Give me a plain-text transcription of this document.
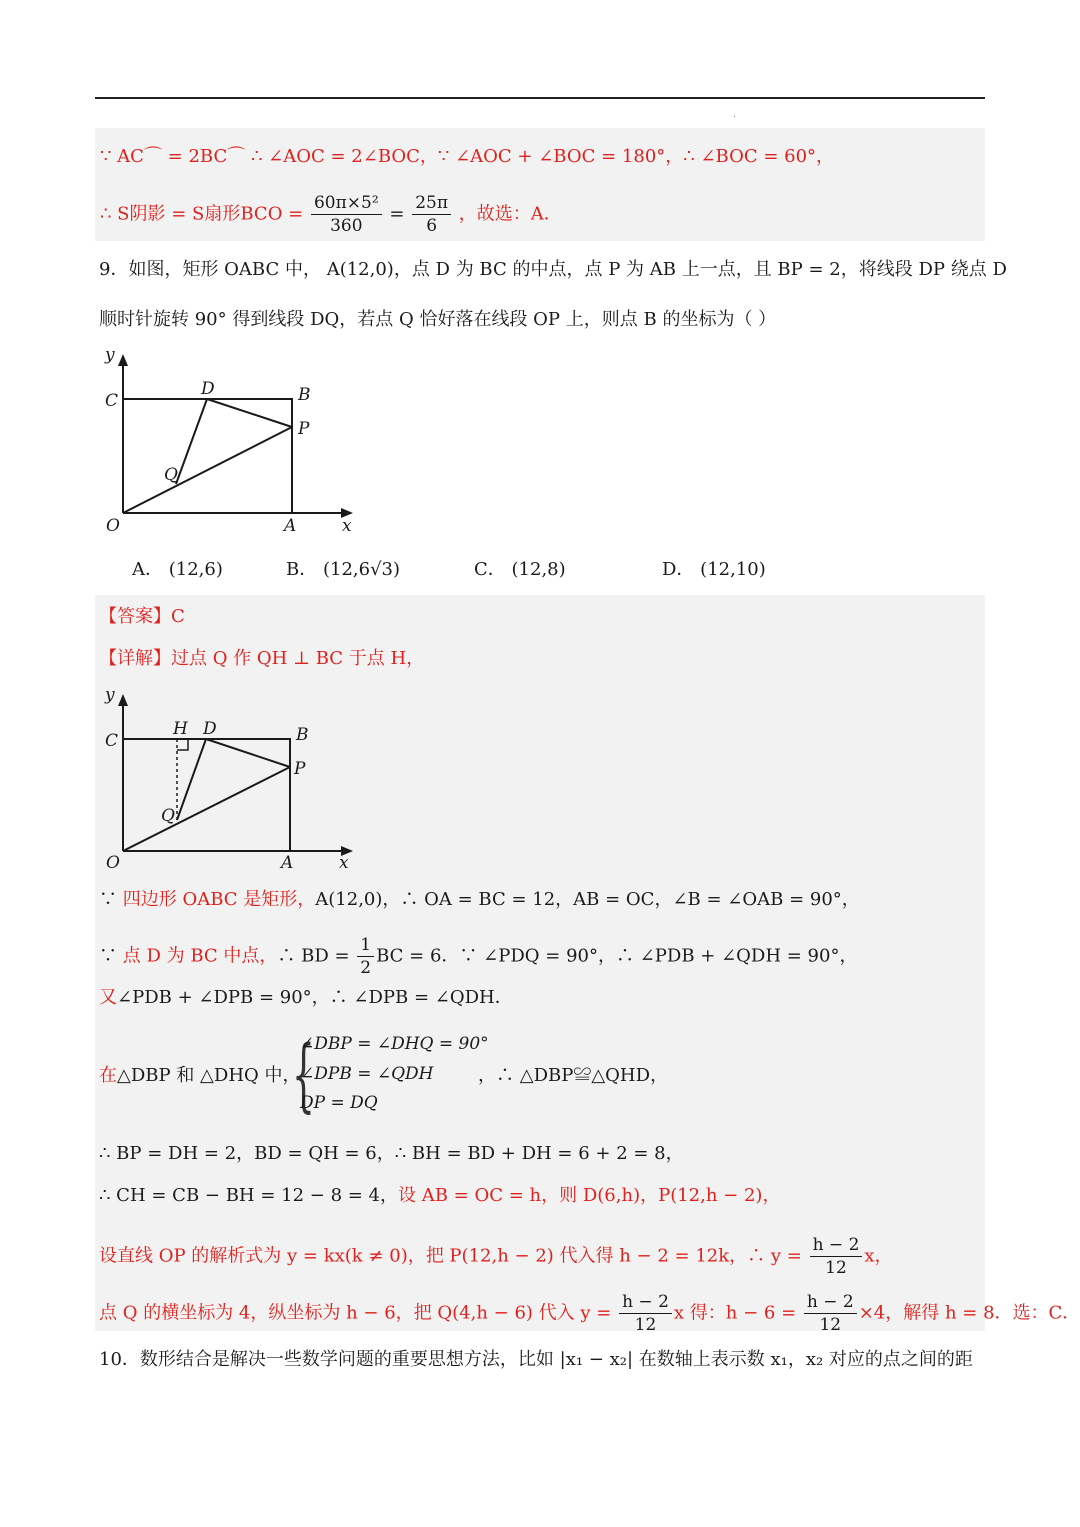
·
∵ AC⌒ = 2BC⌒ ∴ ∠AOC = 2∠BOC，∵ ∠AOC + ∠BOC = 180°，∴ ∠BOC = 60°，
∴ S阴影 = S扇形BCO = $\frac{\text{60π×5²}}{360} = \frac{25\pi}{6}$ ，故选：A．
9．如图，矩形 OABC 中， A(12,0)，点 D 为 BC 的中点，点 P 为 AB 上一点，且 BP = 2，将线段 DP 绕点 D
顺时针旋转 90° 得到线段 DQ，若点 Q 恰好落在线段 OP 上，则点 B 的坐标为（ ）
y
C
D	B
P
Q
O	A	x
A． (12,6)	B． (12,6√3)	C． (12,8)	D． (12,10)
【答案】C
【详解】过点 Q 作 QH ⊥ BC 于点 H，
y
C
H D	B
P
Q
O	A	x
∵ 四边形 OABC 是矩形，A(12,0)，∴ OA = BC = 12，AB = OC，∠B = ∠OAB = 90°，
∵ 点 D 为 BC 中点，∴ BD = $\frac{1}{2}$ BC = 6．∵ ∠PDQ = 90°，∴ ∠PDB + ∠QDH = 90°，
又∠PDB + ∠DPB = 90°，∴ ∠DPB = ∠QDH．
在△DBP 和 △DHQ 中，
{
∠DBP = ∠DHQ = 90°
∠DPB = ∠QDH
DP = DQ
，∴ △DBP≌△QHD，
∴ BP = DH = 2，BD = QH = 6，∴ BH = BD + DH = 6 + 2 = 8，
∴ CH = CB − BH = 12 − 8 = 4，设 AB = OC = h，则 D(6,h)，P(12,h − 2)，
设直线 OP 的解析式为 y = kx(k ≠ 0)，把 P(12,h − 2) 代入得 h − 2 = 12k，∴ $y = \frac{h - 2}{12}$ x，
点 Q 的横坐标为 4，纵坐标为 h − 6，把 Q(4,h − 6) 代入 $y = \frac{h - 2}{12}$ x 得：$h - 6 = \frac{h - 2}{12} \times 4$，解得 h = 8．选：C．
10．数形结合是解决一些数学问题的重要思想方法，比如 |x₁ − x₂| 在数轴上表示数 x₁，x₂ 对应的点之间的距
